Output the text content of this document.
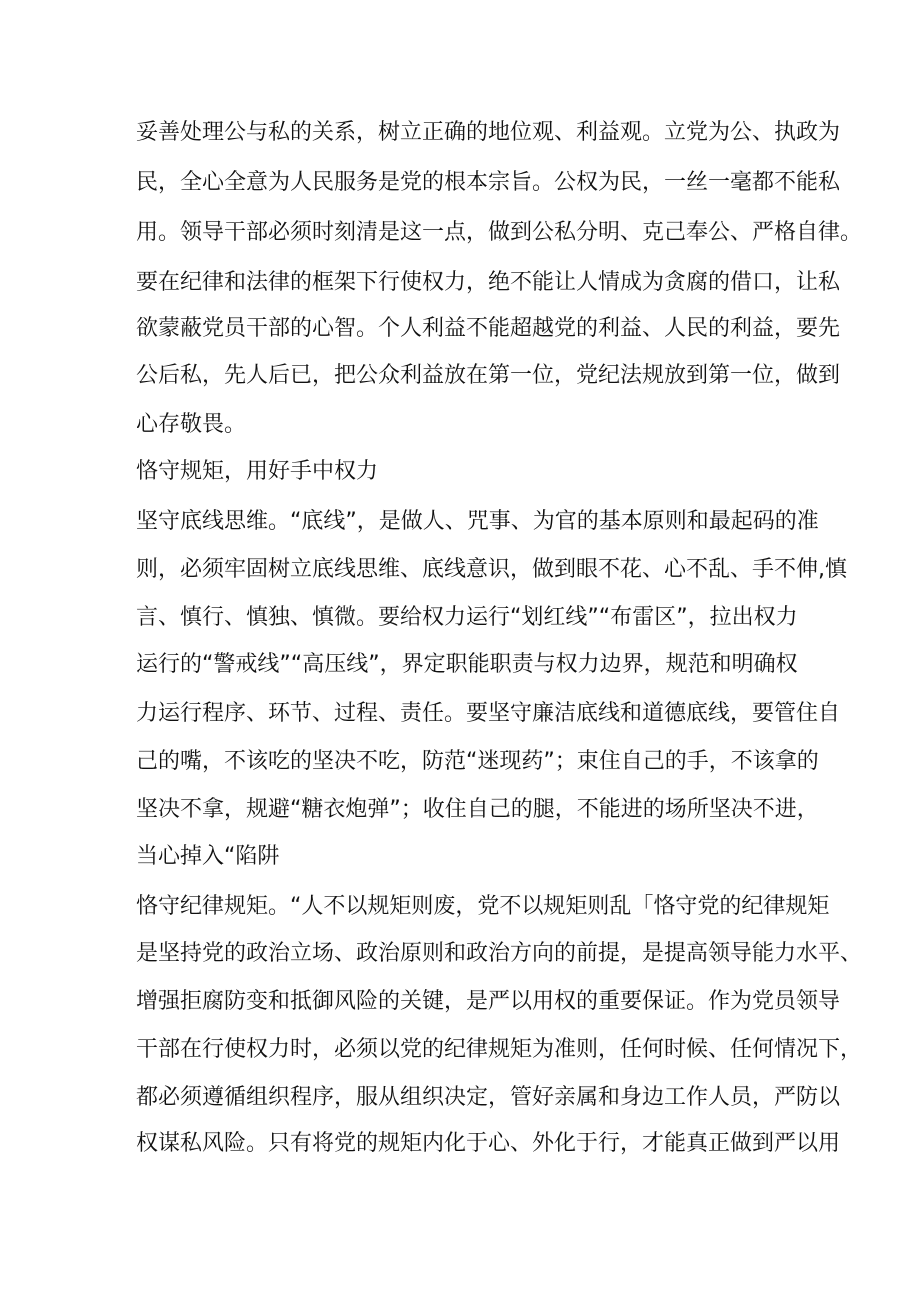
妥善处理公与私的关系，树立正确的地位观、利益观。立党为公、执政为

民，全心全意为人民服务是党的根本宗旨。公权为民，一丝一毫都不能私

用。领导干部必须时刻清是这一点，做到公私分明、克己奉公、严格自律。

要在纪律和法律的框架下行使权力，绝不能让人情成为贪腐的借口，让私

欲蒙蔽党员干部的心智。个人利益不能超越党的利益、人民的利益，要先

公后私，先人后已，把公众利益放在第一位，党纪法规放到第一位，做到

心存敬畏。

恪守规矩，用好手中权力

坚守底线思维。“底线”，是做人、咒事、为官的基本原则和最起码的准

则，必须牢固树立底线思维、底线意识，做到眼不花、心不乱、手不伸,慎

言、慎行、慎独、慎微。要给权力运行“划红线”“布雷区”，拉出权力

运行的“警戒线”“高压线”，界定职能职责与权力边界，规范和明确权

力运行程序、环节、过程、责任。要坚守廉洁底线和道德底线，要管住自

己的嘴，不该吃的坚决不吃，防范“迷现药”；束住自己的手，不该拿的

坚决不拿，规避“糖衣炮弹”；收住自己的腿，不能进的场所坚决不进，

当心掉入“陷阱

恪守纪律规矩。“人不以规矩则废，党不以规矩则乱「恪守党的纪律规矩

是坚持党的政治立场、政治原则和政治方向的前提，是提高领导能力水平、

增强拒腐防变和抵御风险的关键，是严以用权的重要保证。作为党员领导

干部在行使权力时，必须以党的纪律规矩为准则，任何时候、任何情况下，

都必须遵循组织程序，服从组织决定，管好亲属和身边工作人员，严防以

权谋私风险。只有将党的规矩内化于心、外化于行，才能真正做到严以用
